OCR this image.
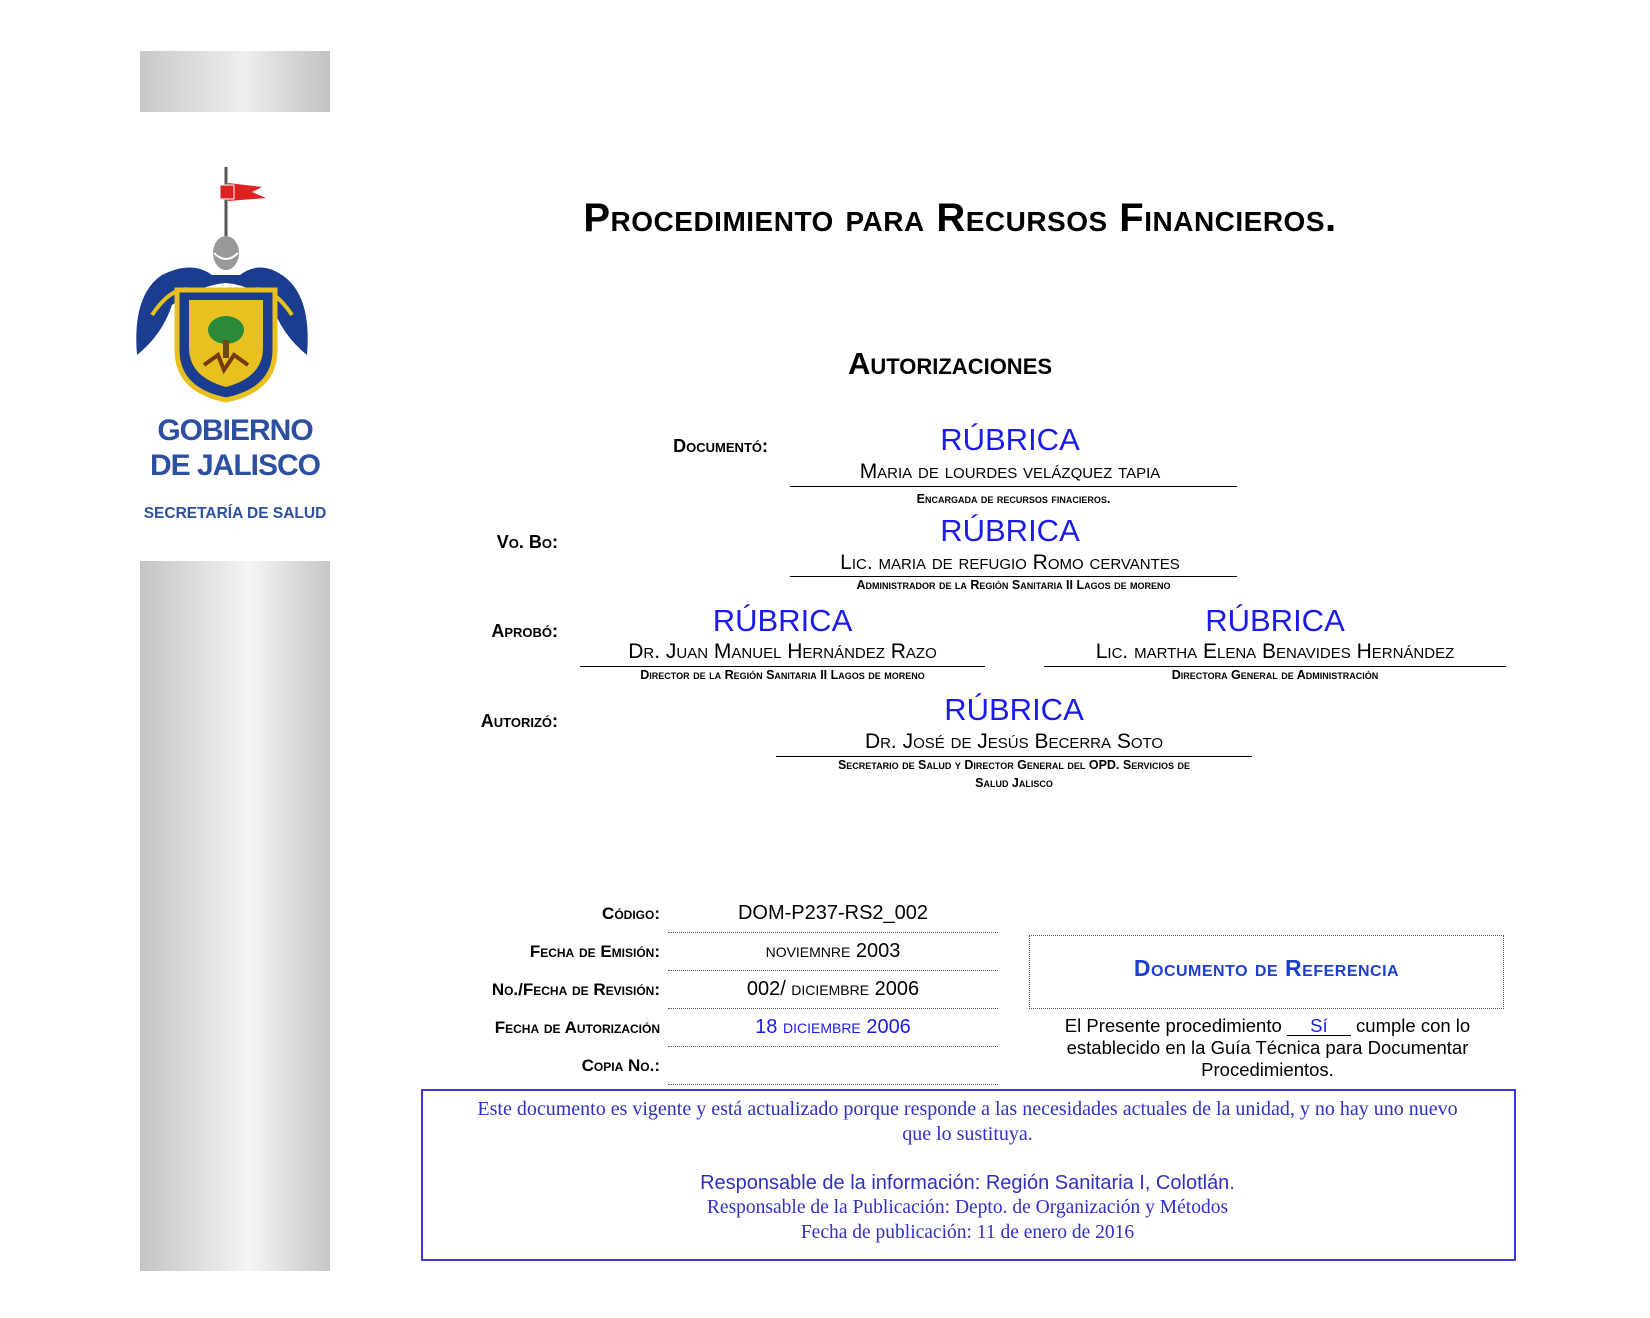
GOBIERNO
DE JALISCO
SECRETARÍA DE SALUD
Procedimiento para Recursos Financieros.
Autorizaciones
Documentó:	RÚBRICA
Maria de lourdes velázquez tapia
Encargada de recursos finacieros.
Vo. Bo:	RÚBRICA
Lic. maria de refugio Romo cervantes
Administrador de la Región Sanitaria II Lagos de moreno
Aprobó:	RÚBRICA
Dr. Juan Manuel Hernández Razo
Director de la Región Sanitaria II Lagos de moreno
RÚBRICA
Lic. martha Elena Benavides Hernández
Directora General de Administración
Autorizó:	RÚBRICA
Dr. José de Jesús Becerra Soto
Secretario de Salud y Director General del OPD. Servicios de
Salud Jalisco
Código:	DOM-P237-RS2_002
Fecha de Emisión:	noviemnre 2003
No./Fecha de Revisión:	002/ diciembre 2006
Fecha de Autorización	18 diciembre 2006
Copia No.:
Documento de Referencia
El Presente procedimiento Sí cumple con lo
establecido en la Guía Técnica para Documentar
Procedimientos.
Este documento es vigente y está actualizado porque responde a las necesidades actuales de la unidad, y no hay uno nuevo
que lo sustituya.
Responsable de la información: Región Sanitaria I, Colotlán.
Responsable de la Publicación: Depto. de Organización y Métodos
Fecha de publicación: 11 de enero de 2016
